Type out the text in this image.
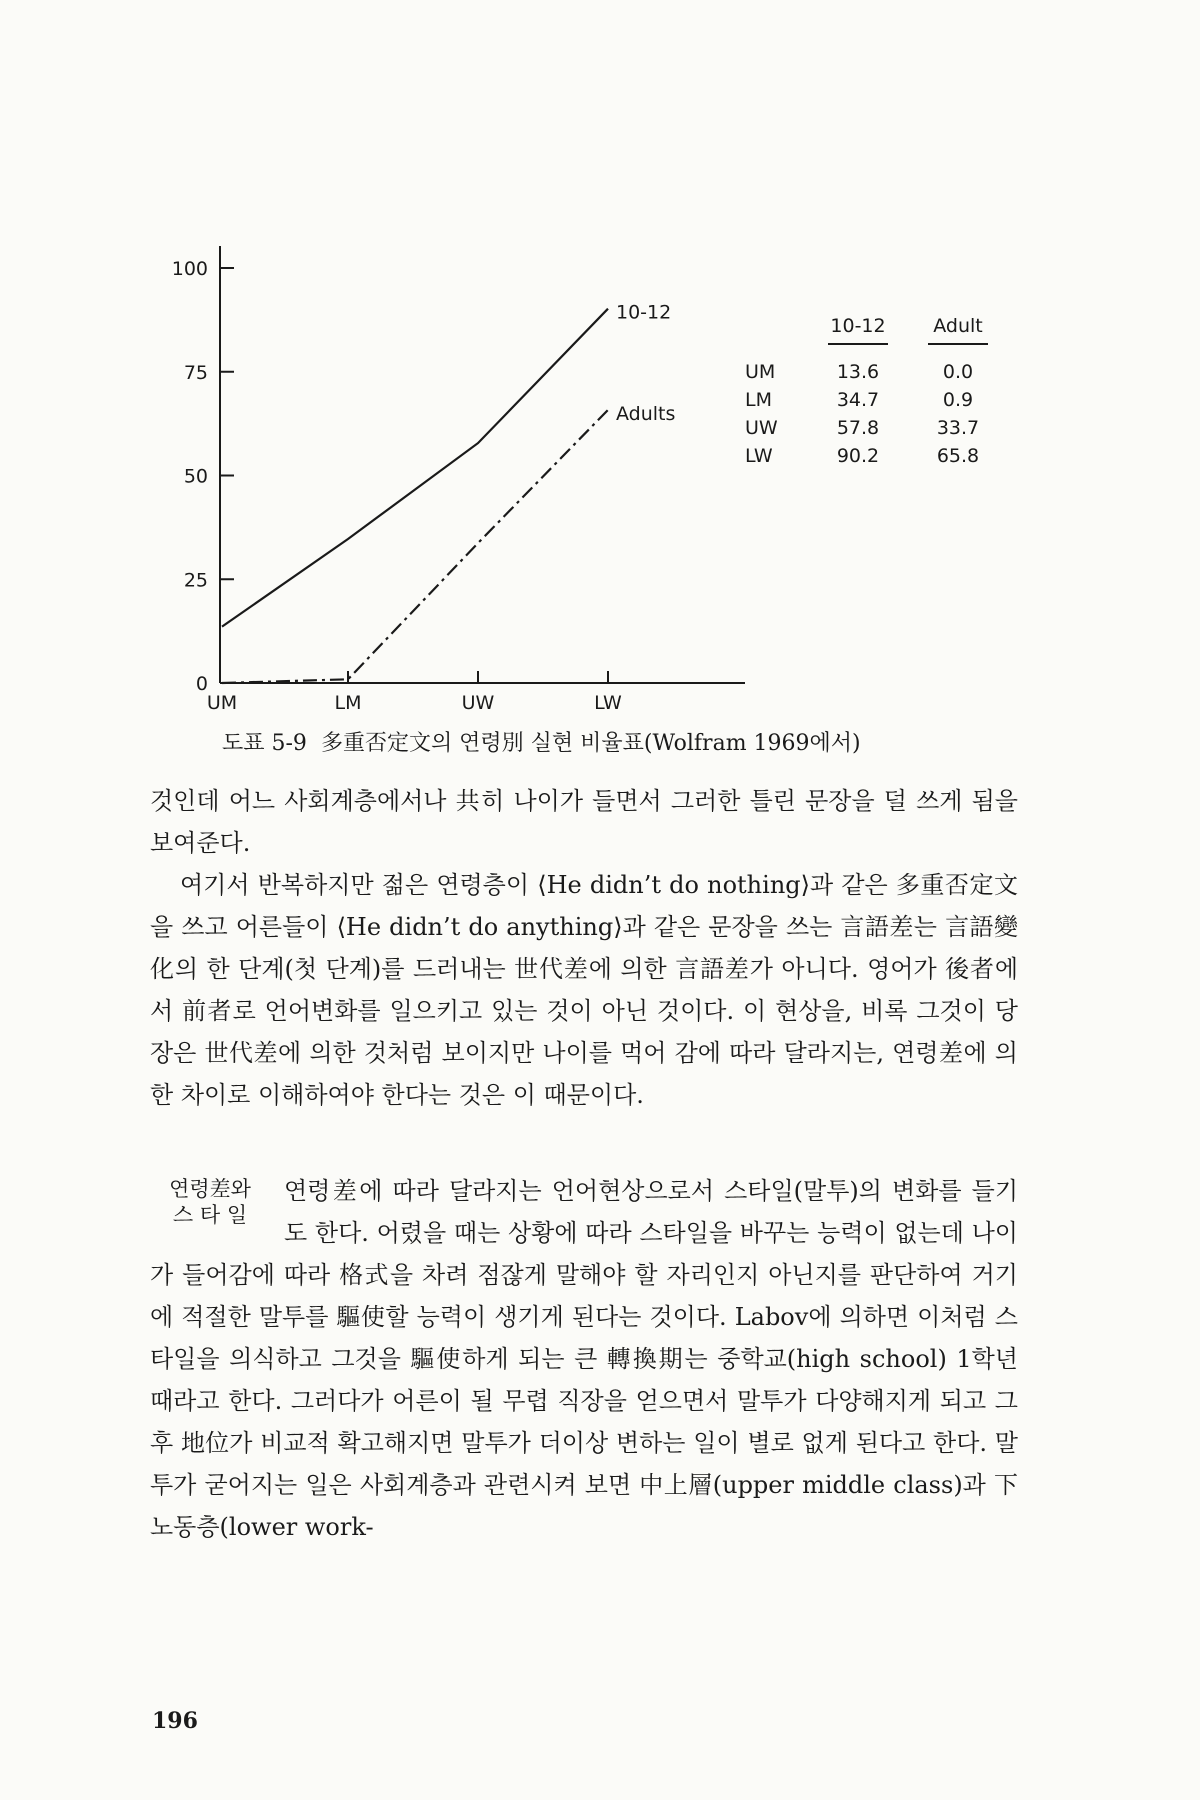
0
25
50
75
100
UM	LM	UW	LW
10-12
Adults
10-12	Adult
UM	13.6	0.0
LM	34.7	0.9
UW	57.8	33.7
LW	90.2	65.8
도표 5-9 多重否定文의 연령別 실현 비율표(Wolfram 1969에서)

것인데 어느 사회계층에서나 共히 나이가 들면서 그러한 틀린 문장을 덜 쓰게 됨을 보여준다.

여기서 반복하지만 젊은 연령층이 ⟨He didn’t do nothing⟩과 같은 多重否定文을 쓰고 어른들이 ⟨He didn’t do anything⟩과 같은 문장을 쓰는 言語差는 言語變化의 한 단계(첫 단계)를 드러내는 世代差에 의한 言語差가 아니다. 영어가 後者에서 前者로 언어변화를 일으키고 있는 것이 아닌 것이다. 이 현상을, 비록 그것이 당장은 世代差에 의한 것처럼 보이지만 나이를 먹어 감에 따라 달라지는, 연령差에 의한 차이로 이해하여야 한다는 것은 이 때문이다.

연령差와
스 타 일
연령差에 따라 달라지는 언어현상으로서 스타일(말투)의 변화를 들기도 한다. 어렸을 때는 상황에 따라 스타일을 바꾸는 능력이 없는데 나이가 들어감에 따라 格式을 차려 점잖게 말해야 할 자리인지 아닌지를 판단하여 거기에 적절한 말투를 驅使할 능력이 생기게 된다는 것이다. Labov에 의하면 이처럼 스타일을 의식하고 그것을 驅使하게 되는 큰 轉換期는 중학교(high school) 1학년 때라고 한다. 그러다가 어른이 될 무렵 직장을 얻으면서 말투가 다양해지게 되고 그후 地位가 비교적 확고해지면 말투가 더이상 변하는 일이 별로 없게 된다고 한다. 말투가 굳어지는 일은 사회계층과 관련시켜 보면 中上層(upper middle class)과 下노동층(lower work-
196
